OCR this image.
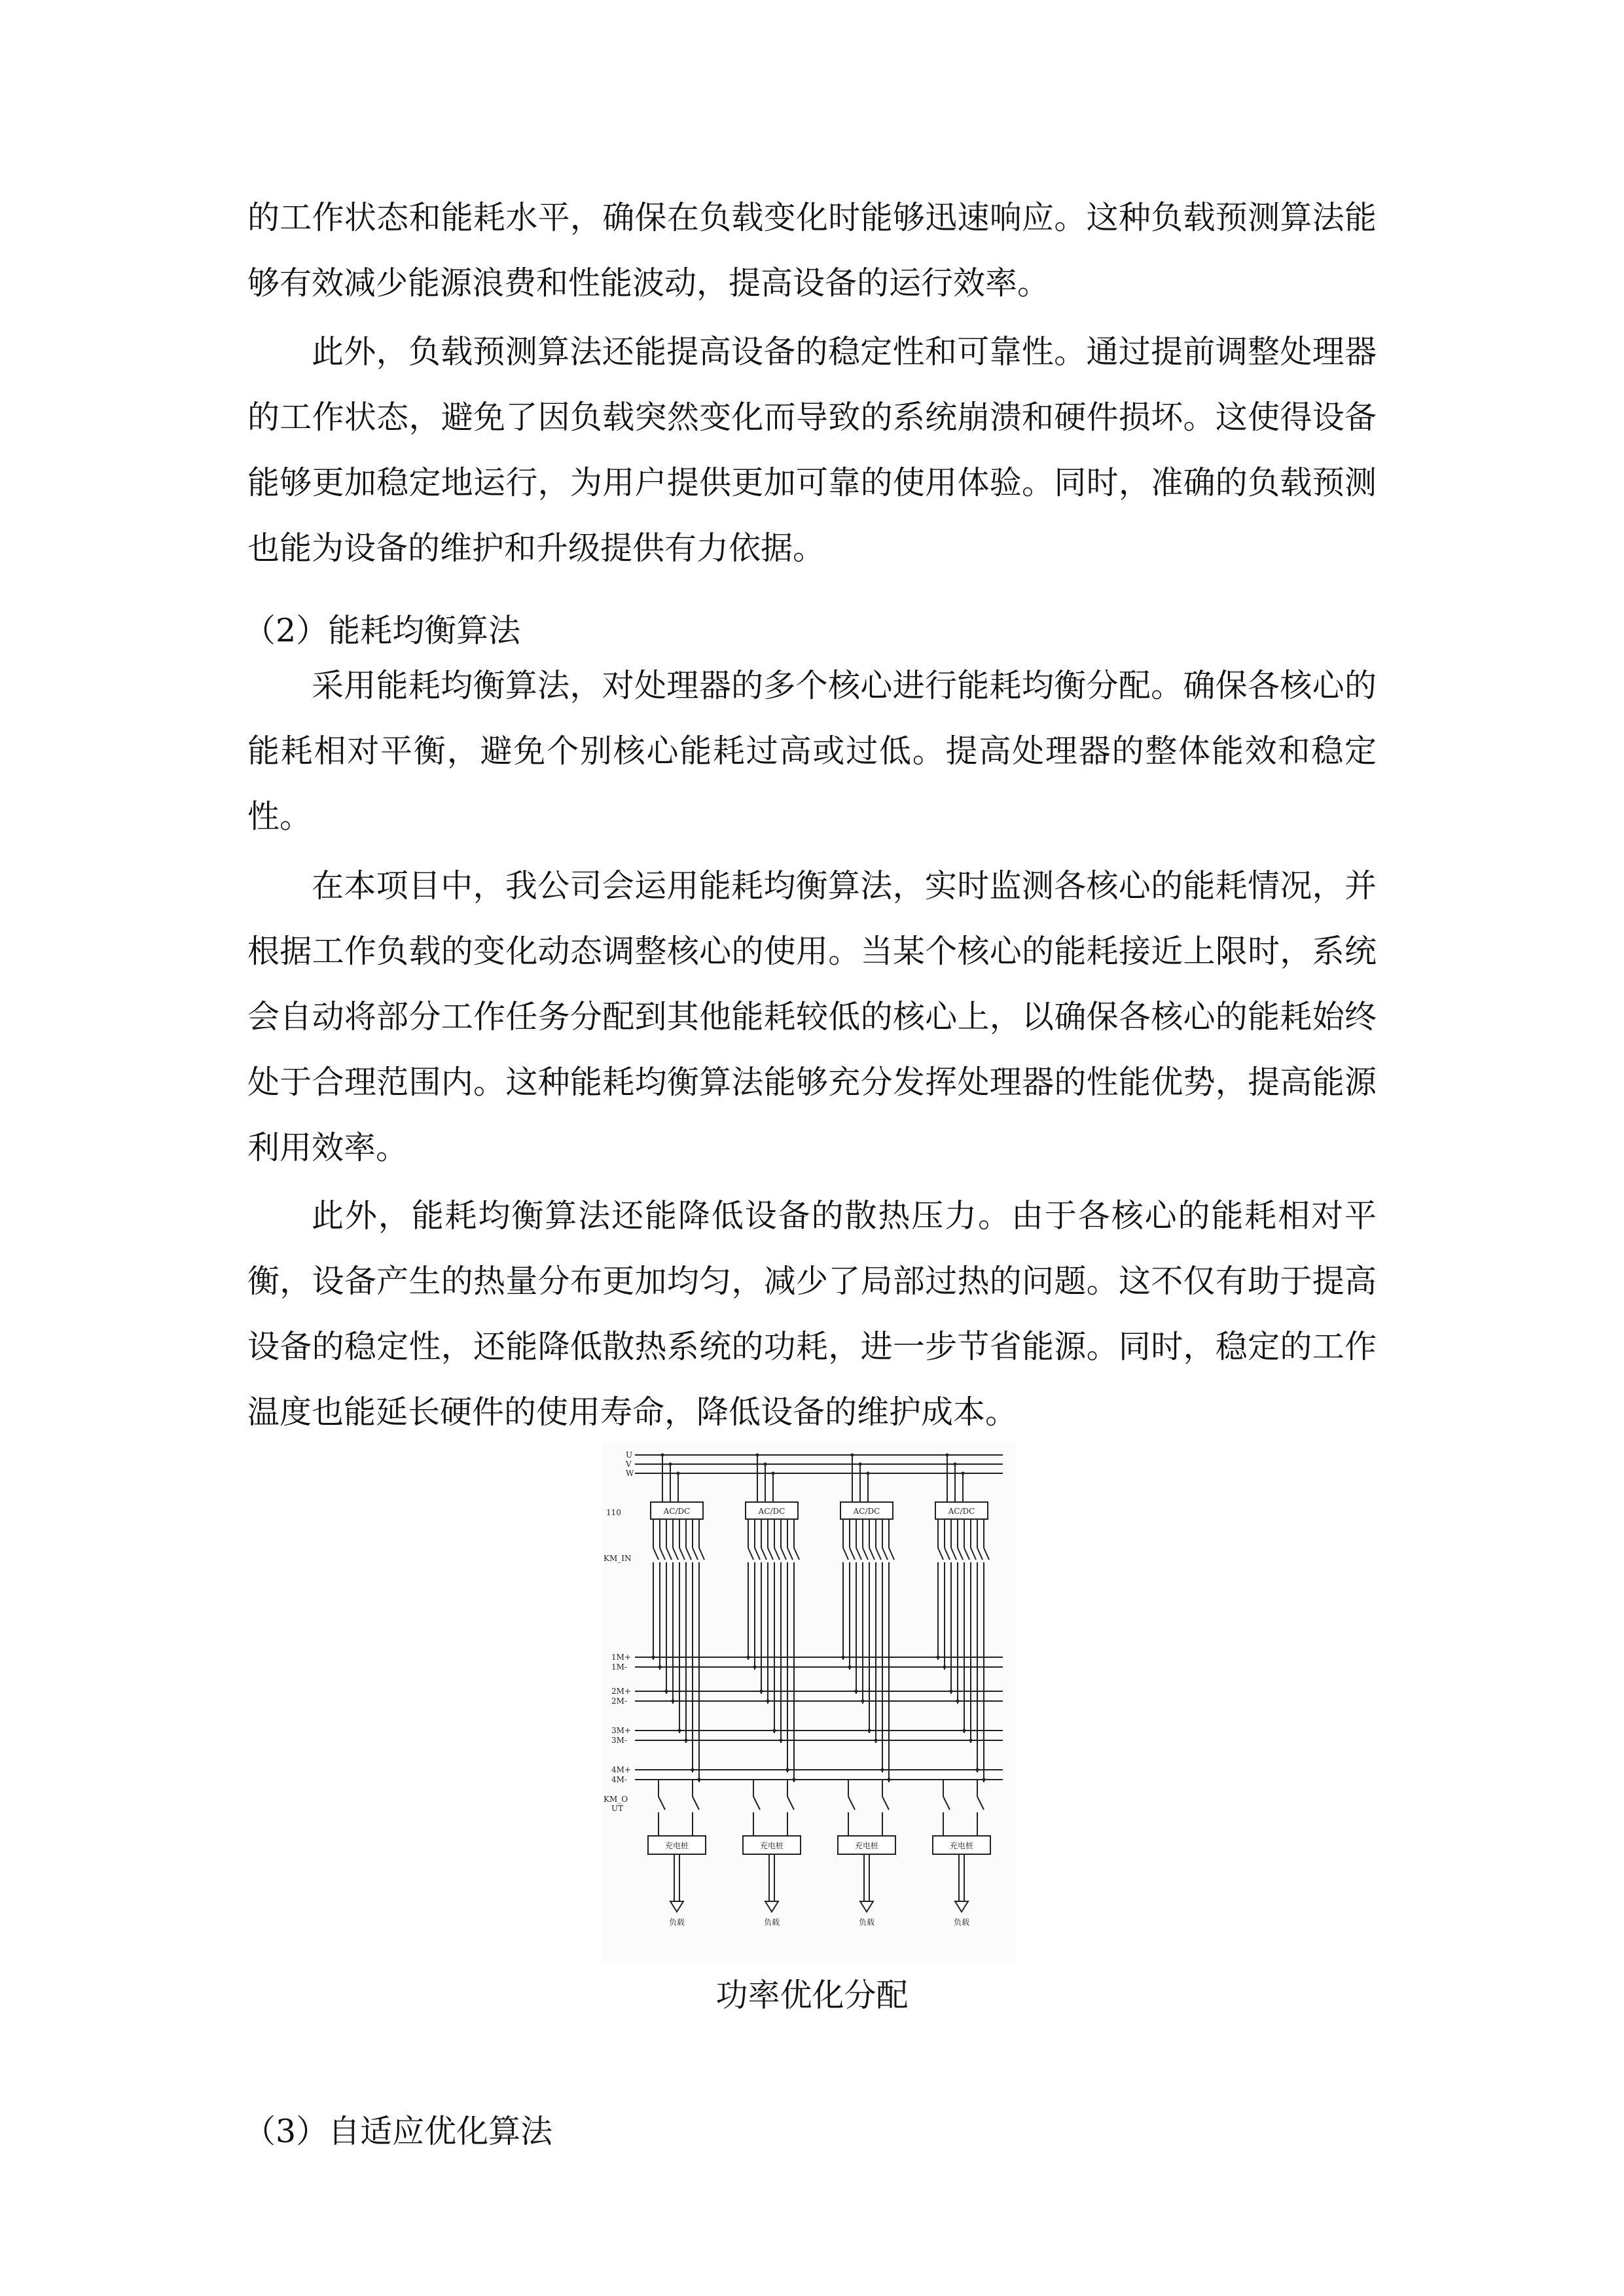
的工作状态和能耗水平，确保在负载变化时能够迅速响应。这种负载预测算法能够有效减少能源浪费和性能波动，提高设备的运行效率。

此外，负载预测算法还能提高设备的稳定性和可靠性。通过提前调整处理器的工作状态，避免了因负载突然变化而导致的系统崩溃和硬件损坏。这使得设备能够更加稳定地运行，为用户提供更加可靠的使用体验。同时，准确的负载预测也能为设备的维护和升级提供有力依据。

（2）能耗均衡算法

采用能耗均衡算法，对处理器的多个核心进行能耗均衡分配。确保各核心的能耗相对平衡，避免个别核心能耗过高或过低。提高处理器的整体能效和稳定性。

在本项目中，我公司会运用能耗均衡算法，实时监测各核心的能耗情况，并根据工作负载的变化动态调整核心的使用。当某个核心的能耗接近上限时，系统会自动将部分工作任务分配到其他能耗较低的核心上，以确保各核心的能耗始终处于合理范围内。这种能耗均衡算法能够充分发挥处理器的性能优势，提高能源利用效率。

此外，能耗均衡算法还能降低设备的散热压力。由于各核心的能耗相对平衡，设备产生的热量分布更加均匀，减少了局部过热的问题。这不仅有助于提高设备的稳定性，还能降低散热系统的功耗，进一步节省能源。同时，稳定的工作温度也能延长硬件的使用寿命，降低设备的维护成本。

U
V
W
110
KM_IN
KM_O
UT
1M+
1M-
2M+
2M-
3M+
3M-
4M+
4M-
AC/DC
充电桩
负载
AC/DC
充电桩
负载
AC/DC
充电桩
负载
AC/DC
充电桩
负载

功率优化分配

（3）自适应优化算法
